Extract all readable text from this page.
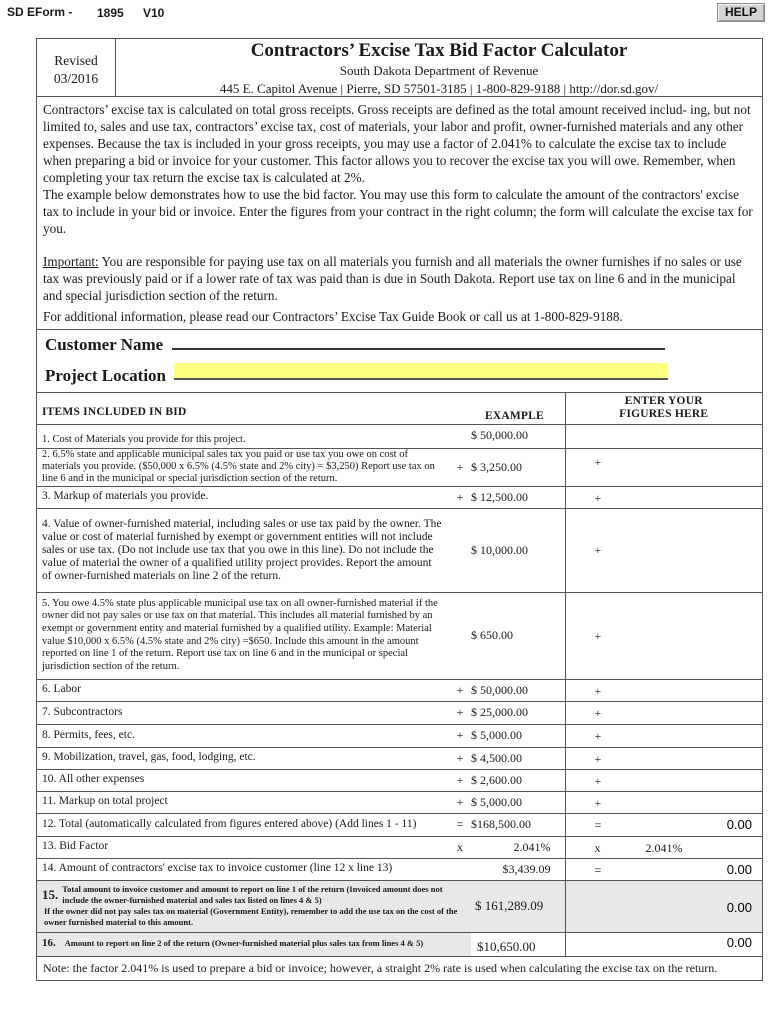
SD EForm - 1895 V10	HELP
Revised
03/2016
Contractors’ Excise Tax Bid Factor Calculator
South Dakota Department of Revenue
445 E. Capitol Avenue | Pierre, SD 57501-3185 | 1-800-829-9188 | http://dor.sd.gov/

Contractors’ excise tax is calculated on total gross receipts. Gross receipts are defined as the total amount received includ- ing, but not limited to, sales and use tax, contractors’ excise tax, cost of materials, your labor and profit, owner-furnished materials and any other expenses. Because the tax is included in your gross receipts, you may use a factor of 2.041% to calculate the excise tax to include when preparing a bid or invoice for your customer. This factor allows you to recover the excise tax you will owe. Remember, when completing your tax return the excise tax is calculated at 2%.

The example below demonstrates how to use the bid factor. You may use this form to calculate the amount of the contractors' excise tax to include in your bid or invoice. Enter the figures from your contract in the right column; the form will calculate the excise tax for you.

Important: You are responsible for paying use tax on all materials you furnish and all materials the owner furnishes if no sales or use tax was previously paid or if a lower rate of tax was paid than is due in South Dakota. Report use tax on line 6 and in the municipal and special jurisdiction section of the return.

For additional information, please read our Contractors’ Excise Tax Guide Book or call us at 1-800-829-9188.

Customer Name
Project Location
ITEMS INCLUDED IN BID		EXAMPLE	ENTER YOUR
FIGURES HERE

1. Cost of Materials you provide for this project.		$ 50,000.00	
2. 6.5% state and applicable municipal sales tax you paid or use tax you owe on cost of materials you provide. ($50,000 x 6.5% (4.5% state and 2% city) = $3,250) Report use tax on line 6 and in the municipal or special jurisdiction section of the return.	+	$ 3,250.00	+

3. Markup of materials you provide.	+	$ 12,500.00	+

4. Value of owner-furnished material, including sales or use tax paid by the owner. The value or cost of material furnished by exempt or government entities will not include sales or use tax. (Do not include use tax that you owe in this line). Do not include the value of material the owner of a qualified utility project provides. Report the amount of owner-furnished materials on line 2 of the return.		$ 10,000.00	+

5. You owe 4.5% state plus applicable municipal use tax on all owner-furnished material if the owner did not pay sales or use tax on that material. This includes all material furnished by an exempt or government entity and material furnished by a qualified utility. Example: Material value $10,000 x 6.5% (4.5% state and 2% city) =$650. Include this amount in the amount reported on line 1 of the return. Report use tax on line 6 and in the municipal or special jurisdiction section of the return.		$ 650.00	+

6. Labor	+	$ 50,000.00	+

7. Subcontractors	+	$ 25,000.00	+

8. Permits, fees, etc.	+	$ 5,000.00	+

9. Mobilization, travel, gas, food, lodging, etc.	+	$ 4,500.00	+

10. All other expenses	+	$ 2,600.00	+

11. Markup on total project	+	$ 5,000.00	+

12. Total (automatically calculated from figures entered above) (Add lines 1 - 11)	=	$168,500.00	= 0.00

13. Bid Factor	x	2.041%	x 2.041%

14. Amount of contractors' excise tax to invoice customer (line 12 x line 13)		$3,439.09	= 0.00

15. Total amount to invoice customer and amount to report on line 1 of the return (Invoiced amount does not include the owner-furnished material and sales tax listed on lines 4 & 5)
If the owner did not pay sales tax on material (Government Entity), remember to add the use tax on the cost of the owner furnished material to this amount.		$ 161,289.09	0.00

16. Amount to report on line 2 of the return (Owner-furnished material plus sales tax from lines 4 & 5)		$10,650.00	0.00
Note: the factor 2.041% is used to prepare a bid or invoice; however, a straight 2% rate is used when calculating the excise tax on the return.
